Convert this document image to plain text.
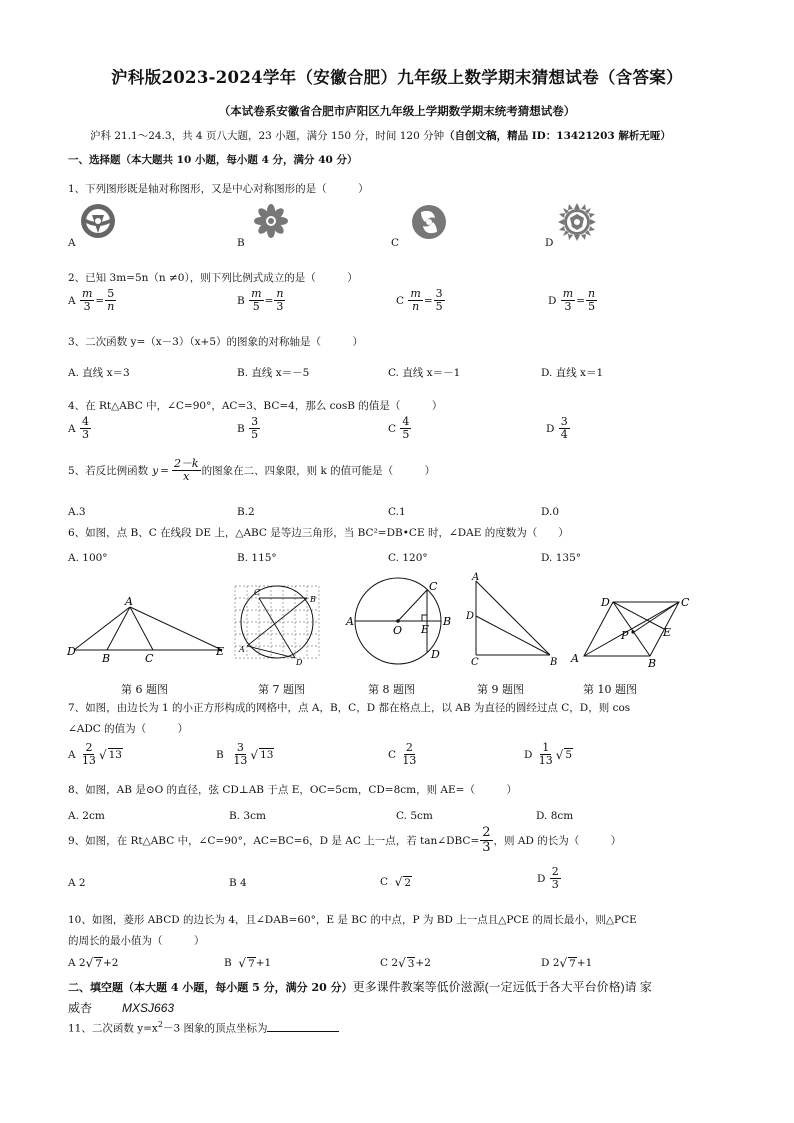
沪科版2023-2024学年（安徽合肥）九年级上数学期末猜想试卷（含答案）
（本试卷系安徽省合肥市庐阳区九年级上学期数学期末统考猜想试卷）
沪科 21.1～24.3，共 4 页八大题，23 小题，满分 150 分，时间 120 分钟（自创文稿，精品 ID：13421203 解析无哑）
一、选择题（本大题共 10 小题，每小题 4 分，满分 40 分）
1、下列图形既是轴对称图形，又是中心对称图形的是（　　　）
A	B	C	D
2、已知 3m=5n（n ≠0），则下列比例式成立的是（　　　）
A
$\frac{m}{3} = \frac{5}{n}$	B
$\frac{m}{5} = \frac{n}{3}$	C
$\frac{m}{n} = \frac{3}{5}$	D
$\frac{m}{3} = \frac{n}{5}$
3、二次函数 y=（x－3）（x+5）的图象的对称轴是（　　　）
A. 直线 x＝3	B. 直线 x＝－5	C. 直线 x＝－1	D. 直线 x＝1
4、在 Rt△ABC 中，∠C=90°，AC=3、BC=4，那么 cosB 的值是（　　　）
A
$\frac{4}{3}$	B
$\frac{3}{5}$	C
$\frac{4}{5}$	D
$\frac{3}{4}$
5、若反比例函数 $y = \frac{2-k}{x}$ 的图象在二、四象限，则 k 的值可能是（　　　）
A.3	B.2	C.1	D.0
6、如图，点 B、C 在线段 DE 上，△ABC 是等边三角形，当 BC²=DB•CE 时，∠DAE 的度数为（　　）
A. 100°	B. 115°	C. 120°	D. 135°
A
B	C
D	E A
B
C
D
A	B
C
D
E
O
A
B
C
D
A	B
C
D
E
P
第 6 题图	第 7 题图	第 8 题图	第 9 题图	第 10 题图
7、如图，由边长为 1 的小正方形构成的网格中，点 A，B，C，D 都在格点上，以 AB 为直径的圆经过点 C，D，则 cos
∠ADC 的值为（　　　）
A
$\frac{2}{13}$ √ 13	B
$\frac{3}{13}$ √ 13	C
$\frac{2}{13}$	D
$\frac{1}{13}$ √ 5
8、如图，AB 是⊙O 的直径，弦 CD⊥AB 于点 E，OC=5cm，CD=8cm，则 AE=（　　　）
A. 2cm	B. 3cm	C. 5cm	D. 8cm
9、如图，在 Rt△ABC 中，∠C=90°，AC=BC=6，D 是 AC 上一点，若 tan∠DBC= $\frac{2}{3}$ ，则 AD 的长为（　　　）
A 2	B 4	C
√ 2	D
$\frac{2}{3}$
10、如图，菱形 ABCD 的边长为 4，且∠DAB=60°，E 是 BC 的中点，P 为 BD 上一点且△PCE 的周长最小，则△PCE
的周长的最小值为（　　　）
A 2 √ 7 +2	B
√ 7 +1	C 2 √ 3 +2	D 2 √ 7 +1
二、填空题（本大题 4 小题，每小题 5 分，满分 20 分）更多课件教案等低价滋源(一定远低于各大平台价格)请 家
威杏	MXSJ663
11、二次函数 $y=x^2-3$ 图象的顶点坐标为
